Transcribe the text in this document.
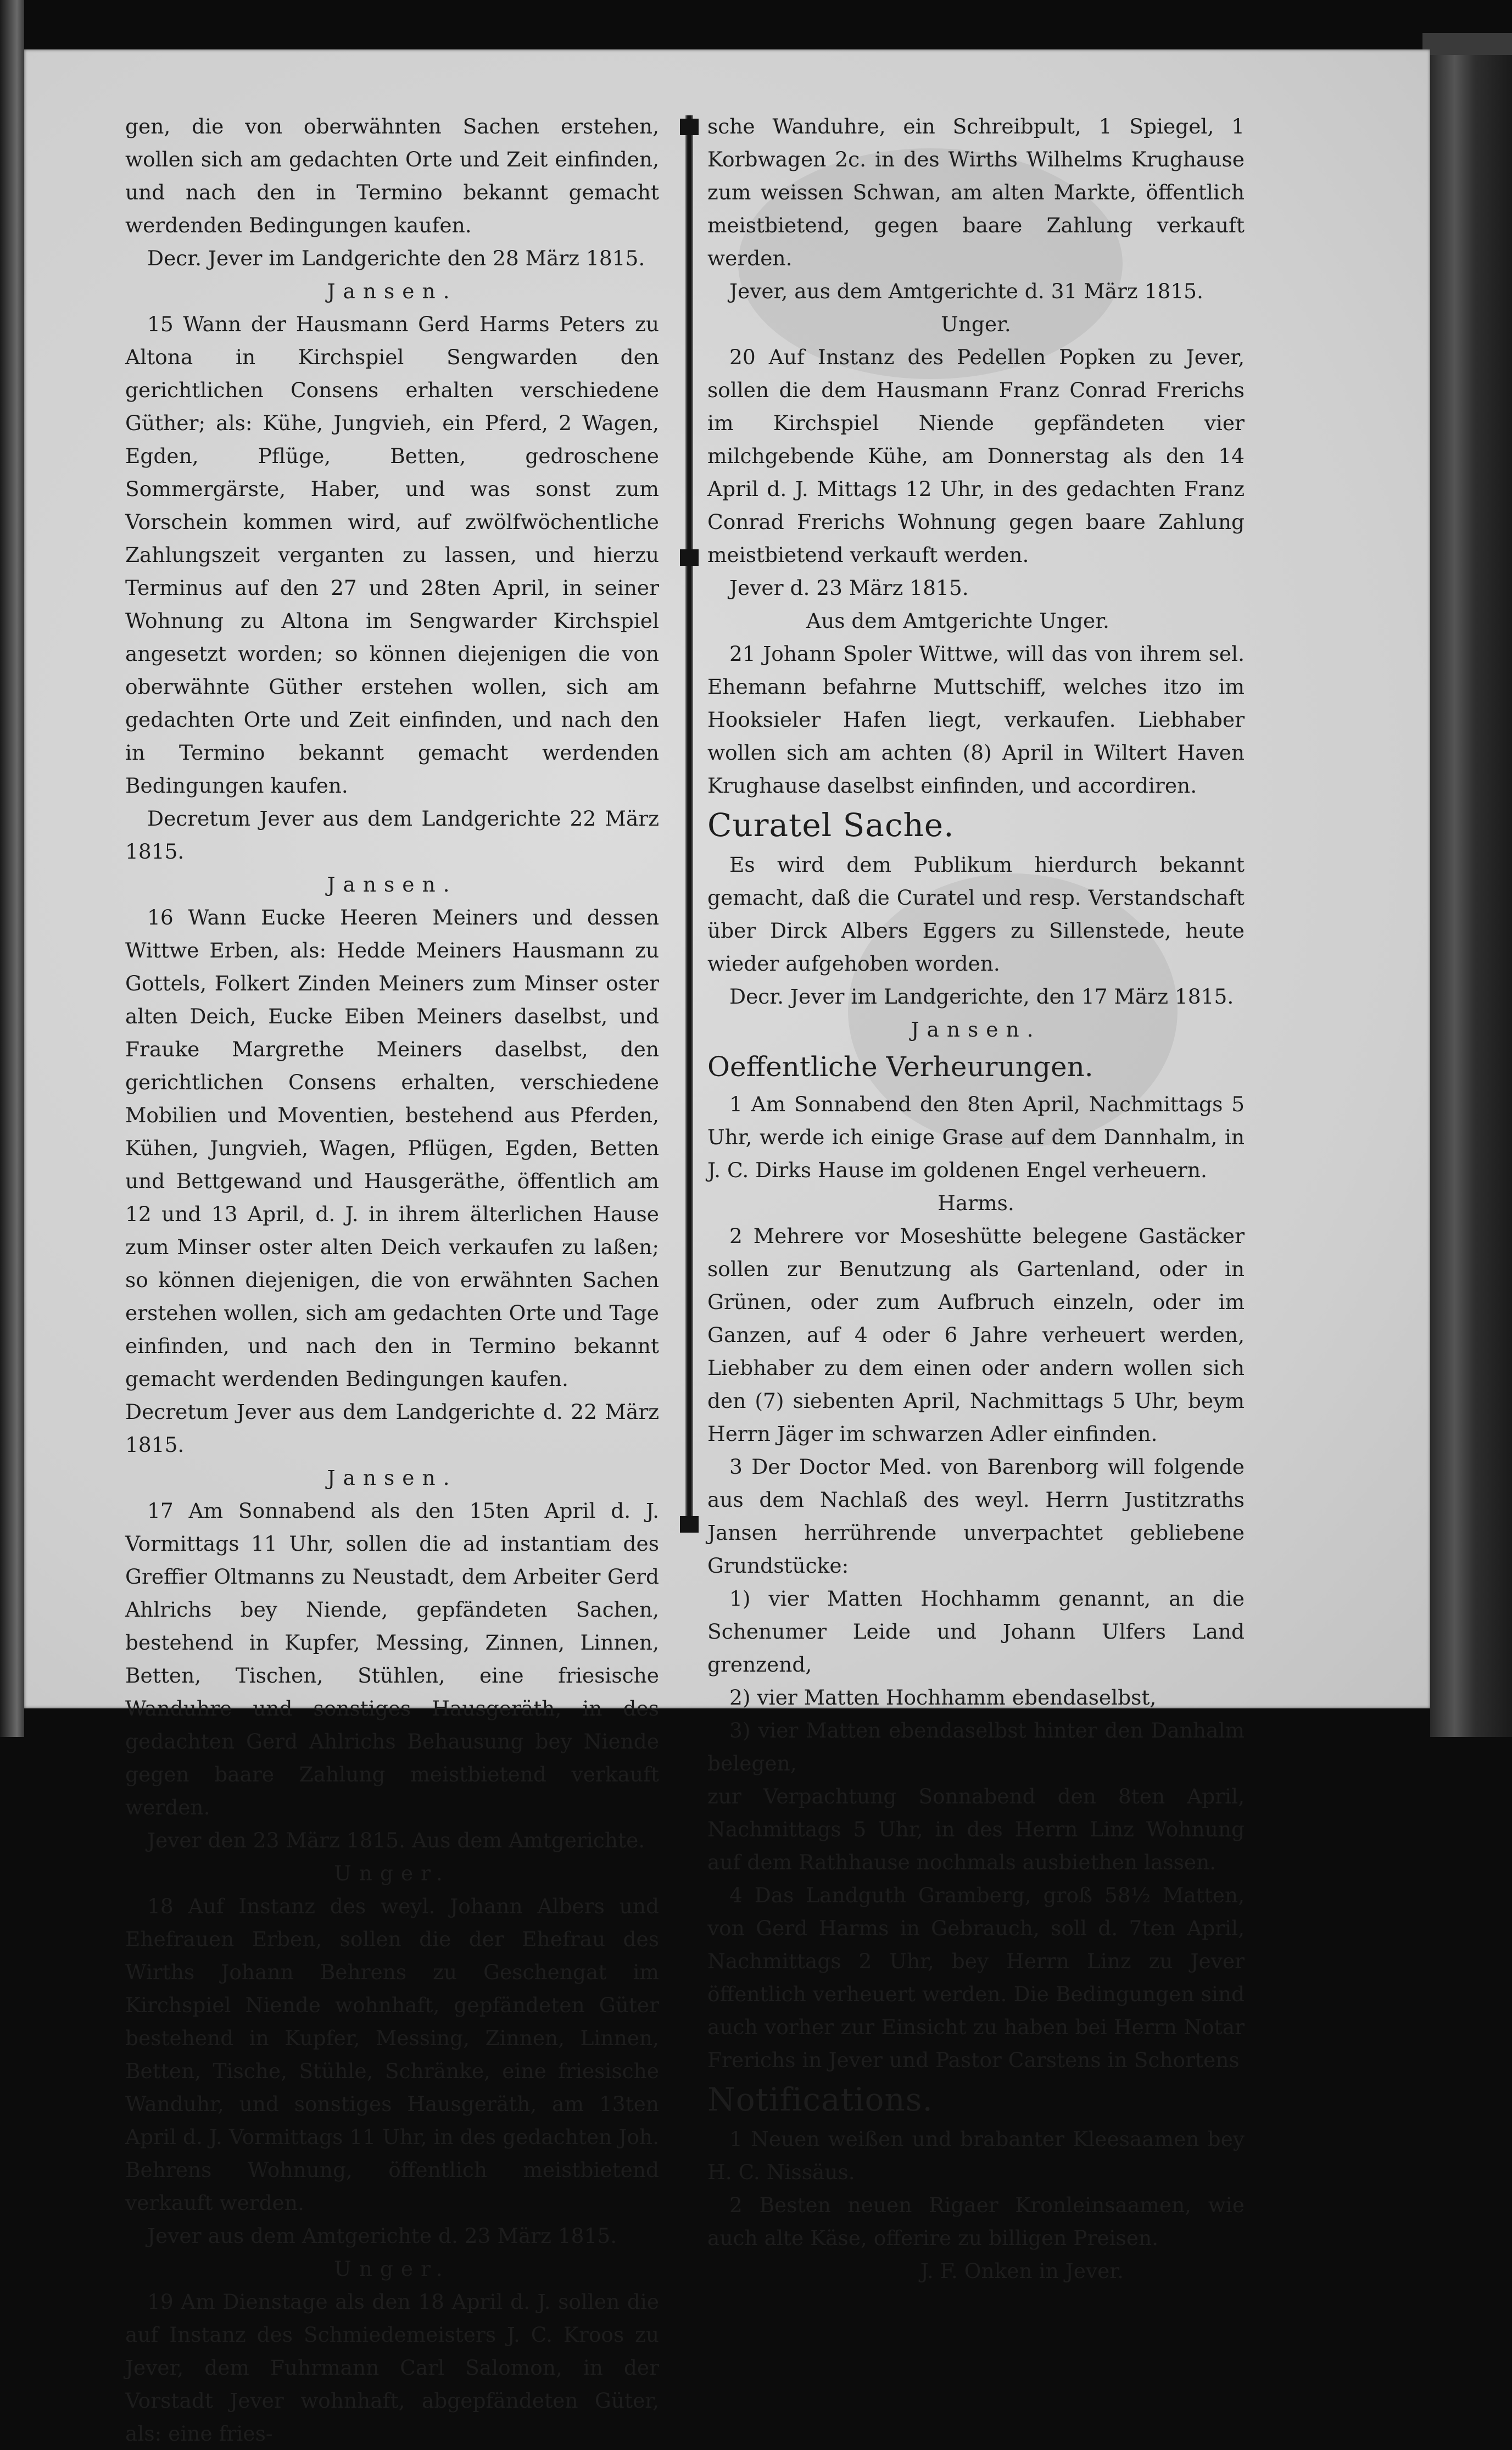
gen, die von oberwähnten Sachen erstehen, wollen sich am gedachten Orte und Zeit einfinden, und nach den in Termino bekannt gemacht werdenden Bedingungen kaufen.

Decr. Jever im Landgerichte den 28 März 1815.

Jansen.

15 Wann der Hausmann Gerd Harms Peters zu Altona in Kirchspiel Sengwarden den gerichtlichen Consens erhalten verschiedene Güther; als: Kühe, Jungvieh, ein Pferd, 2 Wagen, Egden, Pflüge, Betten, gedroschene Sommergärste, Haber, und was sonst zum Vorschein kommen wird, auf zwölfwöchentliche Zahlungszeit verganten zu lassen, und hierzu Terminus auf den 27 und 28ten April, in seiner Wohnung zu Altona im Sengwarder Kirchspiel angesetzt worden; so können diejenigen die von oberwähnte Güther erstehen wollen, sich am gedachten Orte und Zeit einfinden, und nach den in Termino bekannt gemacht werdenden Bedingungen kaufen.

Decretum Jever aus dem Landgerichte 22 März 1815.

Jansen.

16 Wann Eucke Heeren Meiners und dessen Wittwe Erben, als: Hedde Meiners Hausmann zu Gottels, Folkert Zinden Meiners zum Minser oster alten Deich, Eucke Eiben Meiners daselbst, und Frauke Margrethe Meiners daselbst, den gerichtlichen Consens erhalten, verschiedene Mobilien und Moventien, bestehend aus Pferden, Kühen, Jungvieh, Wagen, Pflügen, Egden, Betten und Bettgewand und Hausgeräthe, öffentlich am 12 und 13 April, d. J. in ihrem älterlichen Hause zum Minser oster alten Deich verkaufen zu laßen; so können diejenigen, die von erwähnten Sachen erstehen wollen, sich am gedachten Orte und Tage einfinden, und nach den in Termino bekannt gemacht werdenden Bedingungen kaufen.

Decretum Jever aus dem Landgerichte d. 22 März 1815.

Jansen.

17 Am Sonnabend als den 15ten April d. J. Vormittags 11 Uhr, sollen die ad instantiam des Greffier Oltmanns zu Neustadt, dem Arbeiter Gerd Ahlrichs bey Niende, gepfändeten Sachen, bestehend in Kupfer, Messing, Zinnen, Linnen, Betten, Tischen, Stühlen, eine friesische Wanduhre und sonstiges Hausgeräth, in des gedachten Gerd Ahlrichs Behausung bey Niende gegen baare Zahlung meistbietend verkauft werden.

Jever den 23 März 1815. Aus dem Amtgerichte.

Unger.

18 Auf Instanz des weyl. Johann Albers und Ehefrauen Erben, sollen die der Ehefrau des Wirths Johann Behrens zu Geschengat im Kirchspiel Niende wohnhaft, gepfändeten Güter bestehend in Kupfer, Messing, Zinnen, Linnen, Betten, Tische, Stühle, Schränke, eine friesische Wanduhr, und sonstiges Hausgeräth, am 13ten April d. J. Vormittags 11 Uhr, in des gedachten Joh. Behrens Wohnung, öffentlich meistbietend verkauft werden.

Jever aus dem Amtgerichte d. 23 März 1815.

Unger.

19 Am Dienstage als den 18 April d. J. sollen die auf Instanz des Schmiedemeisters J. C. Kroos zu Jever, dem Fuhrmann Carl Salomon, in der Vorstadt Jever wohnhaft, abgepfändeten Güter, als: eine fries-

sche Wanduhre, ein Schreibpult, 1 Spiegel, 1 Korbwagen 2c. in des Wirths Wilhelms Krughause zum weissen Schwan, am alten Markte, öffentlich meistbietend, gegen baare Zahlung verkauft werden.

Jever, aus dem Amtgerichte d. 31 März 1815.

Unger.

20 Auf Instanz des Pedellen Popken zu Jever, sollen die dem Hausmann Franz Conrad Frerichs im Kirchspiel Niende gepfändeten vier milchgebende Kühe, am Donnerstag als den 14 April d. J. Mittags 12 Uhr, in des gedachten Franz Conrad Frerichs Wohnung gegen baare Zahlung meistbietend verkauft werden.

Jever d. 23 März 1815.

Aus dem Amtgerichte Unger.

21 Johann Spoler Wittwe, will das von ihrem sel. Ehemann befahrne Muttschiff, welches itzo im Hooksieler Hafen liegt, verkaufen. Liebhaber wollen sich am achten (8) April in Wiltert Haven Krughause daselbst einfinden, und accordiren.

Curatel Sache.

Es wird dem Publikum hierdurch bekannt gemacht, daß die Curatel und resp. Verstandschaft über Dirck Albers Eggers zu Sillenstede, heute wieder aufgehoben worden.

Decr. Jever im Landgerichte, den 17 März 1815.

Jansen.

Oeffentliche Verheurungen.

1 Am Sonnabend den 8ten April, Nachmittags 5 Uhr, werde ich einige Grase auf dem Dannhalm, in J. C. Dirks Hause im goldenen Engel verheuern.

Harms.

2 Mehrere vor Moseshütte belegene Gastäcker sollen zur Benutzung als Gartenland, oder in Grünen, oder zum Aufbruch einzeln, oder im Ganzen, auf 4 oder 6 Jahre verheuert werden, Liebhaber zu dem einen oder andern wollen sich den (7) siebenten April, Nachmittags 5 Uhr, beym Herrn Jäger im schwarzen Adler einfinden.

3 Der Doctor Med. von Barenborg will folgende aus dem Nachlaß des weyl. Herrn Justitzraths Jansen herrührende unverpachtet gebliebene Grundstücke:

1) vier Matten Hochhamm genannt, an die Schenumer Leide und Johann Ulfers Land grenzend,

2) vier Matten Hochhamm ebendaselbst,

3) vier Matten ebendaselbst hinter den Danhalm belegen,

zur Verpachtung Sonnabend den 8ten April, Nachmittags 5 Uhr, in des Herrn Linz Wohnung auf dem Rathhause nochmals ausbiethen lassen.

4 Das Landguth Gramberg, groß 58½ Matten, von Gerd Harms in Gebrauch, soll d. 7ten April, Nachmittags 2 Uhr, bey Herrn Linz zu Jever öffentlich verheuert werden. Die Bedingungen sind auch vorher zur Einsicht zu haben bei Herrn Notar Frerichs in Jever und Pastor Carstens in Schortens

Notifications.

1 Neuen weißen und brabanter Kleesaamen bey H. C. Nissäus.

2 Besten neuen Rigaer Kronleinsaamen, wie auch alte Käse, offerire zu billigen Preisen.

J. F. Onken in Jever.
